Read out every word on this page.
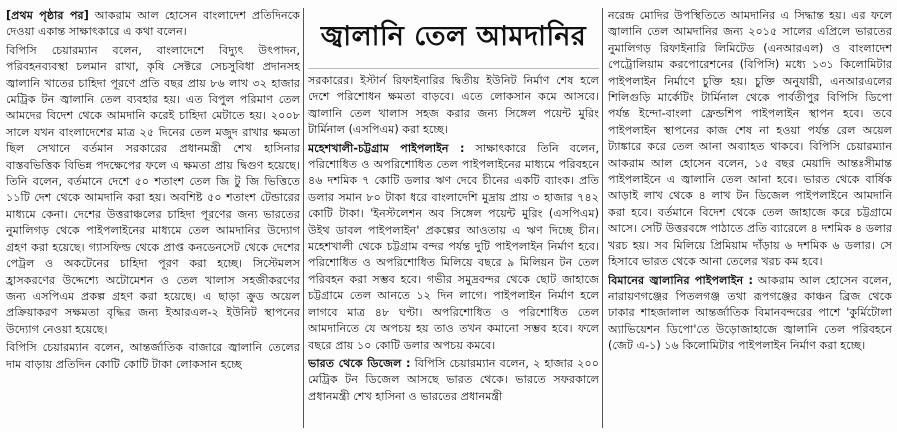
[প্রথম পৃষ্ঠার পর] আকরাম আল হোসেন বাংলাদেশ প্রতিদিনকে দেওয়া একান্ত সাক্ষাৎকারে এ কথা বলেন।

বিপিসি চেয়ারম্যান বলেন, বাংলাদেশে বিদ্যুৎ উৎপাদন, পরিবহনব্যবস্থা চলমান রাখা, কৃষি সেক্টরে সেচসুবিধা প্রদানসহ জ্বালানি খাতের চাহিদা পূরণে প্রতি বছর প্রায় ৮৬ লাখ ৩২ হাজার মেট্রিক টন জ্বালানি তেল ব্যবহার হয়। এত বিপুল পরিমাণ তেল আমদের বিদেশ থেকে আমদানি করেই চাহিদা মেটাতে হয়। ২০০৮ সালে যখন বাংলাদেশের মাত্র ২৫ দিনের তেল মজুদ রাখার ক্ষমতা ছিল সেখানে বর্তমান সরকারের প্রধানমন্ত্রী শেখ হাসিনার বাস্তবভিত্তিক বিভিন্ন পদক্ষেপের ফলে এ ক্ষমতা প্রায় দ্বিগুণ হয়েছে। তিনি বলেন, বর্তমানে দেশে ৫০ শতাংশ তেল জি টু জি ভিত্তিতে ১১টি দেশ থেকে আমদানি করা হয়। অবশিষ্ট ৫০ শতাংশ টেন্ডারের মাধ্যমে কেনা। দেশের উত্তরাঞ্চলের চাহিদা পূরণের জন্য ভারতের নুমালিগড় থেকে পাইপলাইনের মাধ্যমে তেল আমদানির উদ্যোগ গ্রহণ করা হয়েছে। গ্যাসফিল্ড থেকে প্রাপ্ত কনডেনসেট থেকে দেশের পেট্রল ও অকটেনের চাহিদা পূরণ করা হচ্ছে। সিস্টেমলস হ্রাসকরণের উদ্দেশ্যে অটোমেশন ও তেল খালাস সহজীকরণের জন্য এসপিএম প্রকল্প গ্রহণ করা হয়েছে। এ ছাড়া ক্রুড অয়েল প্রক্রিয়াকরণ সক্ষমতা বৃদ্ধির জন্য ইআরএল-২ ইউনিট স্থাপনের উদ্যোগ নেওয়া হয়েছে।

বিপিসি চেয়ারম্যান বলেন, আন্তর্জাতিক বাজারে জ্বালানি তেলের দাম বাড়ায় প্রতিদিন কোটি কোটি টাকা লোকসান হচ্ছে

জ্বালানি তেল আমদানির

সরকারের। ইস্টার্ন রিফাইনারির দ্বিতীয় ইউনিট নির্মাণ শেষ হলে দেশে পরিশোধন ক্ষমতা বাড়বে। এতে লোকসান কমে আসবে। জ্বালানি তেল খালাস সহজ করার জন্য সিঙ্গেল পয়েন্ট মুরিং টার্মিনাল (এসপিএম) করা হচ্ছে।

মহেশখালী-চট্টগ্রাম পাইপলাইন : সাক্ষাৎকারে তিনি বলেন, পরিশোধিত ও অপরিশোধিত তেল পাইপলাইনের মাধ্যমে পরিবহনে ৪৬ দশমিক ৭ কোটি ডলার ঋণ দেবে চীনের একটি ব্যাংক। প্রতি ডলার সমান ৮০ টাকা ধরে বাংলাদেশি মুদ্রায় প্রায় ৩ হাজার ৭৪২ কোটি টাকা। 'ইনস্টলেশন অব সিঙ্গেল পয়েন্ট মুরিং (এসপিএম) উইথ ডাবল পাইপলাইন' প্রকল্পের আওতায় এ ঋণ দিচ্ছে চীন। মহেশখালী থেকে চট্টগ্রাম বন্দর পর্যন্ত দুটি পাইপলাইন নির্মাণ হবে। পরিশোধিত ও অপরিশোধিত মিলিয়ে বছরে ৯ মিলিয়ন টন তেল পরিবহন করা সম্ভব হবে। গভীর সমুদ্রবন্দর থেকে ছোট জাহাজে চট্টগ্রামে তেল আনতে ১২ দিন লাগে। পাইপলাইন নির্মাণ হলে লাগবে মাত্র ৪৮ ঘণ্টা। অপরিশোধিত ও পরিশোধিত তেল আমদানিতে যে অপচয় হয় তাও তখন কমানো সম্ভব হবে। ফলে বছরে প্রায় ১০ কোটি ডলার অপচয় কমবে।

ভারত থেকে ডিজেল : বিপিসি চেয়ারম্যান বলেন, ২ হাজার ২০০ মেট্রিক টন ডিজেল আসছে ভারত থেকে। ভারতে সফরকালে প্রধানমন্ত্রী শেখ হাসিনা ও ভারতের প্রধানমন্ত্রী

নরেন্দ্র মোদির উপস্থিতিতে আমদানির এ সিদ্ধান্ত হয়। এর ফলে জ্বালানি তেল আমদানির জন্য ২০১৫ সালের এপ্রিলে ভারতের নুমালিগড় রিফাইনারি লিমিটেড (এনআরএল) ও বাংলাদেশ পেট্রোলিয়াম করপোরেশনের (বিপিসি) মধ্যে ১৩১ কিলোমিটার পাইপলাইন নির্মাণে চুক্তি হয়। চুক্তি অনুযায়ী, এনআরএলের শিলিগুড়ি মার্কেটিং টার্মিনাল থেকে পার্বতীপুর বিপিসি ডিপো পর্যন্ত ইন্দো-বাংলা ফ্রেন্ডশিপ পাইপলাইন স্থাপন হবে। তবে পাইপলাইন স্থাপনের কাজ শেষ না হওয়া পর্যন্ত রেল অয়েল ট্যাঙ্কারে করে তেল আনা অব্যাহত থাকবে। বিপিসি চেয়ারম্যান আকরাম আল হোসেন বলেন, ১৫ বছর মেয়াদি আন্তঃসীমান্ত পাইপলাইনে এ জ্বালানি তেল আনা হবে। ভারত থেকে বার্ষিক আড়াই লাখ থেকে ৪ লাখ টন ডিজেল পাইপলাইনে আমদানি করা হবে। বর্তমানে বিদেশ থেকে তেল জাহাজে করে চট্টগ্রামে আসে। সেটি উত্তরবঙ্গে পাঠাতে প্রতি ব্যারেলে ৪ দশমিক ৪ ডলার খরচ হয়। সব মিলিয়ে প্রিমিয়াম দাঁড়ায় ৬ দশমিক ৬ ডলার। সে হিসাবে ভারত থেকে আনা তেলের খরচ কম হবে।

বিমানের জ্বালানির পাইপলাইন : আকরাম আল হোসেন বলেন, নারায়ণগঞ্জের পিতলগঞ্জ তথা রূপগঞ্জের কাঞ্চন ব্রিজ থেকে ঢাকার শাহজালাল আন্তর্জাতিক বিমানবন্দরের পাশে 'কুর্মিটোলা অ্যাভিয়েশন ডিপো'তে উড়োজাহাজে জ্বালানি তেল পরিবহনে (জেট এ-১) ১৬ কিলোমিটার পাইপলাইন নির্মাণ করা হচ্ছে।
